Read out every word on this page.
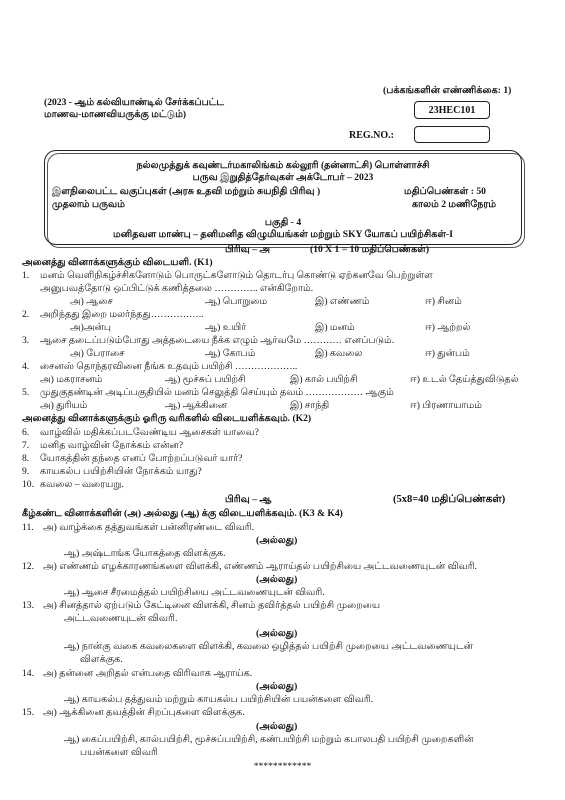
(பக்கங்களின் எண்ணிக்கை: 1)
(2023 - ஆம் கல்வியாண்டில் சேர்க்கப்பட்ட
மாணவ-மாணவியருக்கு மட்டும்)	23HEC101
REG.NO.:
நல்லமுத்துக் கவுண்டர்மகாலிங்கம் கல்லூரி (தன்னாட்சி) பொள்ளாச்சி
பருவ இறுதித்தேர்வுகள் அக்டோபர் – 2023
இளநிலைபட்ட வகுப்புகள் (அரசு உதவி மற்றும் சுயநிதி பிரிவு )	மதிப்பெண்கள் : 50
முதலாம் பருவம்	காலம் 2 மணிநேரம்
பகுதி - 4
மனிதவள மாண்பு – தனிமனித விழுமியங்கள் மற்றும் SKY யோகப் பயிற்சிகள்-I
பிரிவு – அ	(10 X 1 = 10 மதிப்பெண்கள்)
அனைத்து வினாக்களுக்கும் விடையளி. (K1)
1. மனம் வெளிநிகழ்ச்சிகளோடும் பொருட்களோடும் தொடர்பு கொண்டு ஏற்கனவே பெற்றுள்ள
அனுபவத்தோடு ஒப்பிட்டுக் கணித்தலை ………….. என்கிறோம்.
அ) ஆசை	ஆ) பொறுமை	இ) எண்ணம்	ஈ) சினம்
2. அறிந்தது இறை மலர்ந்தது……………..
அ)அன்பு	ஆ) உயிர்	இ) மனம்	ஈ) ஆற்றல்
3. ஆசை தடைப்படும்போது அத்தடையை நீக்க எழும் ஆர்வமே ………… எனப்படும்.
அ) பேராசை	ஆ) கோபம்	இ) கவலை	ஈ) துன்பம்
4. சைனஸ் தொந்தரவினை நீங்க உதவும் பயிற்சி ………………..
அ) மகராசனம்	ஆ) மூச்சுப் பயிற்சி	இ) கால் பயிற்சி	ஈ) உடல் தேய்த்துவிடுதல்
5. முதுகுதண்டின் அடிப்பகுதியில் மனம் செலுத்தி செய்யும் தவம் ……………… ஆகும்
அ) துரியம்	ஆ) ஆக்கினை	இ) சாந்தி	ஈ) பிரணாயாமம்
அனைத்து வினாக்களுக்கும் ஓரிரு வரிகளில் விடையளிக்கவும். (K2)
6. வாழ்வில் மதிக்கப்படவேண்டிய ஆசைகள் யாவை?
7. மனித வாழ்வின் நோக்கம் என்ன?
8. யோகத்தின் தந்தை எனப் போற்றப்படுவர் யார்?
9. காயகல்ப பயிற்சியின் நோக்கம் யாது?
10. கவலை – வரையறு.
பிரிவு – ஆ	(5x8=40 மதிப்பெண்கள்)
கீழ்கண்ட வினாக்களின் (அ) அல்லது (ஆ) க்கு விடையளிக்கவும். (K3 & K4)
11. அ) வாழ்க்கை தத்துவங்கள் பன்னிரண்டை விவரி.
(அல்லது)
ஆ) அஷ்டாங்க யோகத்தை விளக்குக.
12. அ) எண்ணம் எழக்காரணங்களை விளக்கி, எண்ணம் ஆராய்தல் பயிற்சியை அட்டவணையுடன் விவரி.
(அல்லது)
ஆ) ஆசை சீரமைத்தல் பயிற்சியை அட்டவணையுடன் விவரி.
13. அ) சினத்தால் ஏற்படும் கேட்டினை விளக்கி, சினம் தவிர்த்தல் பயிற்சி முறையை
அட்டவணையுடன் விவரி.
(அல்லது)
ஆ) நான்கு வகை கவலைகளை விளக்கி, கவலை ஒழித்தல் பயிற்சி முறையை அட்டவணையுடன்
விளக்குக.
14. அ) தன்னை அறிதல் என்பதை விரிவாக ஆராய்க.
(அல்லது)
ஆ) காயகல்ப தத்துவம் மற்றும் காயகல்ப பயிற்சியின் பயன்களை விவரி.
15. அ) ஆக்கினை தவத்தின் சிறப்புகளை விளக்குக.
(அல்லது)
ஆ) கைப்பயிற்சி, கால்பயிற்சி, மூச்சுப்பயிற்சி, கண்பயிற்சி மற்றும் கபாலபதி பயிற்சி முறைகளின்
பயன்களை விவரி
************
